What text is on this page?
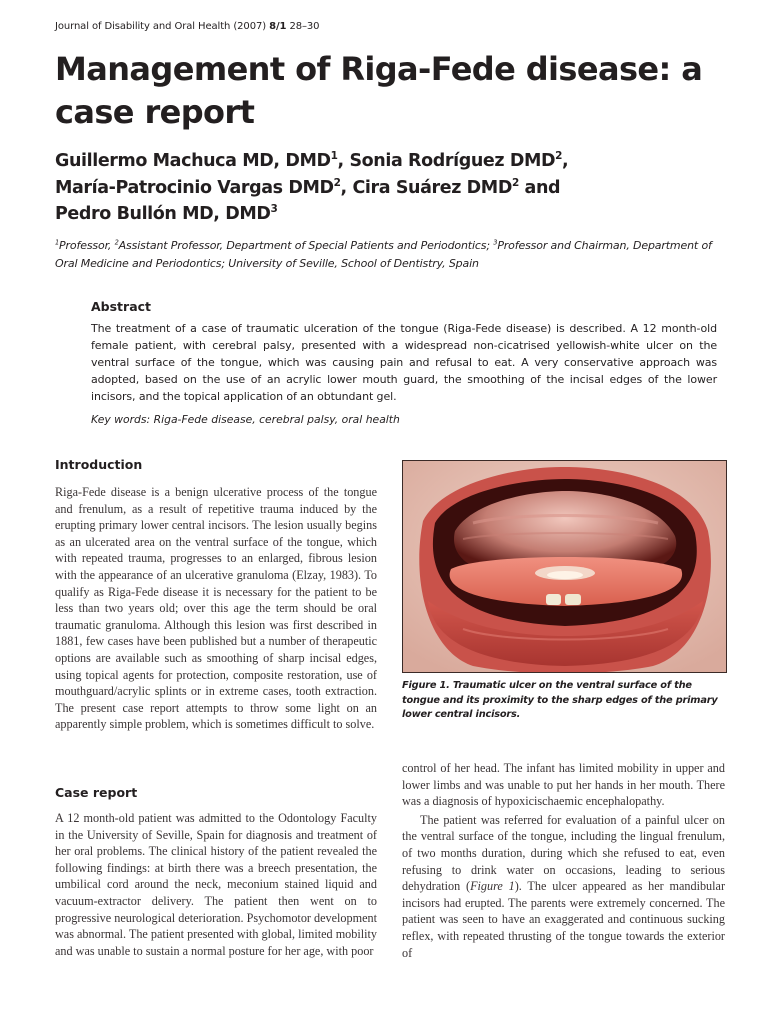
Journal of Disability and Oral Health (2007) 8/1 28–30
Management of Riga-Fede disease: a case report

Guillermo Machuca MD, DMD$^1$, Sonia Rodríguez DMD$^2$,
María-Patrocinio Vargas DMD$^2$, Cira Suárez DMD$^2$ and
Pedro Bullón MD, DMD$^3$

$^1$Professor, $^2$Assistant Professor, Department of Special Patients and Periodontics; $^3$Professor and Chairman, Department of Oral Medicine and Periodontics; University of Seville, School of Dentistry, Spain

Abstract

The treatment of a case of traumatic ulceration of the tongue (Riga-Fede disease) is described. A 12 month-old female patient, with cerebral palsy, presented with a widespread non-cicatrised yellowish-white ulcer on the ventral surface of the tongue, which was causing pain and refusal to eat. A very conservative approach was adopted, based on the use of an acrylic lower mouth guard, the smoothing of the incisal edges of the lower incisors, and the topical application of an obtundant gel.

Key words: Riga-Fede disease, cerebral palsy, oral health

Introduction

Riga-Fede disease is a benign ulcerative process of the tongue and frenulum, as a result of repetitive trauma induced by the erupting primary lower central incisors. The lesion usually begins as an ulcerated area on the ventral surface of the tongue, which with repeated trauma, progresses to an enlarged, fibrous lesion with the appearance of an ulcerative granuloma (Elzay, 1983). To qualify as Riga-Fede disease it is necessary for the patient to be less than two years old; over this age the term should be oral traumatic granuloma. Although this lesion was first described in 1881, few cases have been published but a number of therapeutic options are available such as smoothing of sharp incisal edges, using topical agents for protection, composite restoration, use of mouthguard/acrylic splints or in extreme cases, tooth extraction. The present case report attempts to throw some light on an apparently simple problem, which is sometimes difficult to solve.

Case report

A 12 month-old patient was admitted to the Odontology Faculty in the University of Seville, Spain for diagnosis and treatment of her oral problems. The clinical history of the patient revealed the following findings: at birth there was a breech presentation, the umbilical cord around the neck, meconium stained liquid and vacuum-extractor delivery. The patient then went on to progressive neurological deterioration. Psychomotor development was abnormal. The patient presented with global, limited mobility and was unable to sustain a normal posture for her age, with poor

Figure 1. Traumatic ulcer on the ventral surface of the tongue and its proximity to the sharp edges of the primary lower central incisors.

control of her head. The infant has limited mobility in upper and lower limbs and was unable to put her hands in her mouth. There was a diagnosis of hypoxicischaemic encephalopathy.

The patient was referred for evaluation of a painful ulcer on the ventral surface of the tongue, including the lingual frenulum, of two months duration, during which she refused to eat, even refusing to drink water on occasions, leading to serious dehydration (Figure 1). The ulcer appeared as her mandibular incisors had erupted. The parents were extremely concerned. The patient was seen to have an exaggerated and continuous sucking reflex, with repeated thrusting of the tongue towards the exterior of
